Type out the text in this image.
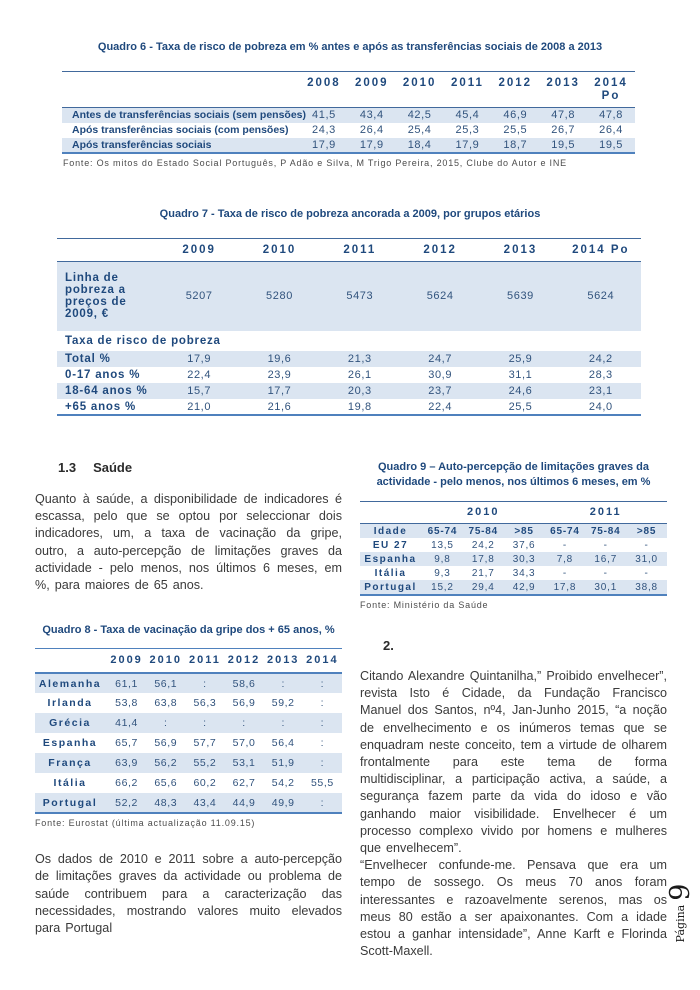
Quadro 6 - Taxa de risco de pobreza em % antes e após as transferências sociais de 2008 a 2013
	2008	2009	2010	2011	2012	2013	2014 Po
Antes de transferências sociais (sem pensões)	41,5	43,4	42,5	45,4	46,9	47,8	47,8
Após transferências sociais (com pensões)	24,3	26,4	25,4	25,3	25,5	26,7	26,4
Após transferências sociais	17,9	17,9	18,4	17,9	18,7	19,5	19,5
Fonte: Os mitos do Estado Social Português, P Adão e Silva, M Trigo Pereira, 2015, Clube do Autor e INE
Quadro 7 - Taxa de risco de pobreza ancorada a 2009, por grupos etários
	2009	2010	2011	2012	2013	2014 Po
Linha de pobreza a preços de 2009, €	5207	5280	5473	5624	5639	5624
Taxa de risco de pobreza						
Total %	17,9	19,6	21,3	24,7	25,9	24,2
0-17 anos %	22,4	23,9	26,1	30,9	31,1	28,3
18-64 anos %	15,7	17,7	20,3	23,7	24,6	23,1
+65 anos %	21,0	21,6	19,8	22,4	25,5	24,0
1.3 Saúde
Quanto à saúde, a disponibilidade de indicadores é escassa, pelo que se optou por seleccionar dois indicadores, um, a taxa de vacinação da gripe, outro, a auto-percepção de limitações graves da actividade - pelo menos, nos últimos 6 meses, em %, para maiores de 65 anos.
Quadro 8 - Taxa de vacinação da gripe dos + 65 anos, %
	2009	2010	2011	2012	2013	2014
Alemanha	61,1	56,1	:	58,6	:	:
Irlanda	53,8	63,8	56,3	56,9	59,2	:
Grécia	41,4	:	:	:	:	:
Espanha	65,7	56,9	57,7	57,0	56,4	:
França	63,9	56,2	55,2	53,1	51,9	:
Itália	66,2	65,6	60,2	62,7	54,2	55,5
Portugal	52,2	48,3	43,4	44,9	49,9	:
Fonte: Eurostat (última actualização 11.09.15)
Os dados de 2010 e 2011 sobre a auto-percepção de limitações graves da actividade ou problema de saúde contribuem para a caracterização das necessidades, mostrando valores muito elevados para Portugal
Quadro 9 – Auto-percepção de limitações graves da actividade - pelo menos, nos últimos 6 meses, em %
	2010			2011		
Idade	65-74	75-84	>85	65-74	75-84	>85
EU 27	13,5	24,2	37,6	-	-	-
Espanha	9,8	17,8	30,3	7,8	16,7	31,0
Itália	9,3	21,7	34,3	-	-	-
Portugal	15,2	29,4	42,9	17,8	30,1	38,8
Fonte: Ministério da Saúde
2.
Citando Alexandre Quintanilha,” Proibido envelhecer”, revista Isto é Cidade, da Fundação Francisco Manuel dos Santos, nº4, Jan-Junho 2015, “a noção de envelhecimento e os inúmeros temas que se enquadram neste conceito, tem a virtude de olharem frontalmente para este tema de forma multidisciplinar, a participação activa, a saúde, a segurança fazem parte da vida do idoso e vão ganhando maior visibilidade. Envelhecer é um processo complexo vivido por homens e mulheres que envelhecem”.
“Envelhecer confunde-me. Pensava que era um tempo de sossego. Os meus 70 anos foram interessantes e razoavelmente serenos, mas os meus 80 estão a ser apaixonantes. Com a idade estou a ganhar intensidade”, Anne Karft e Florinda Scott-Maxell.
Página
9
